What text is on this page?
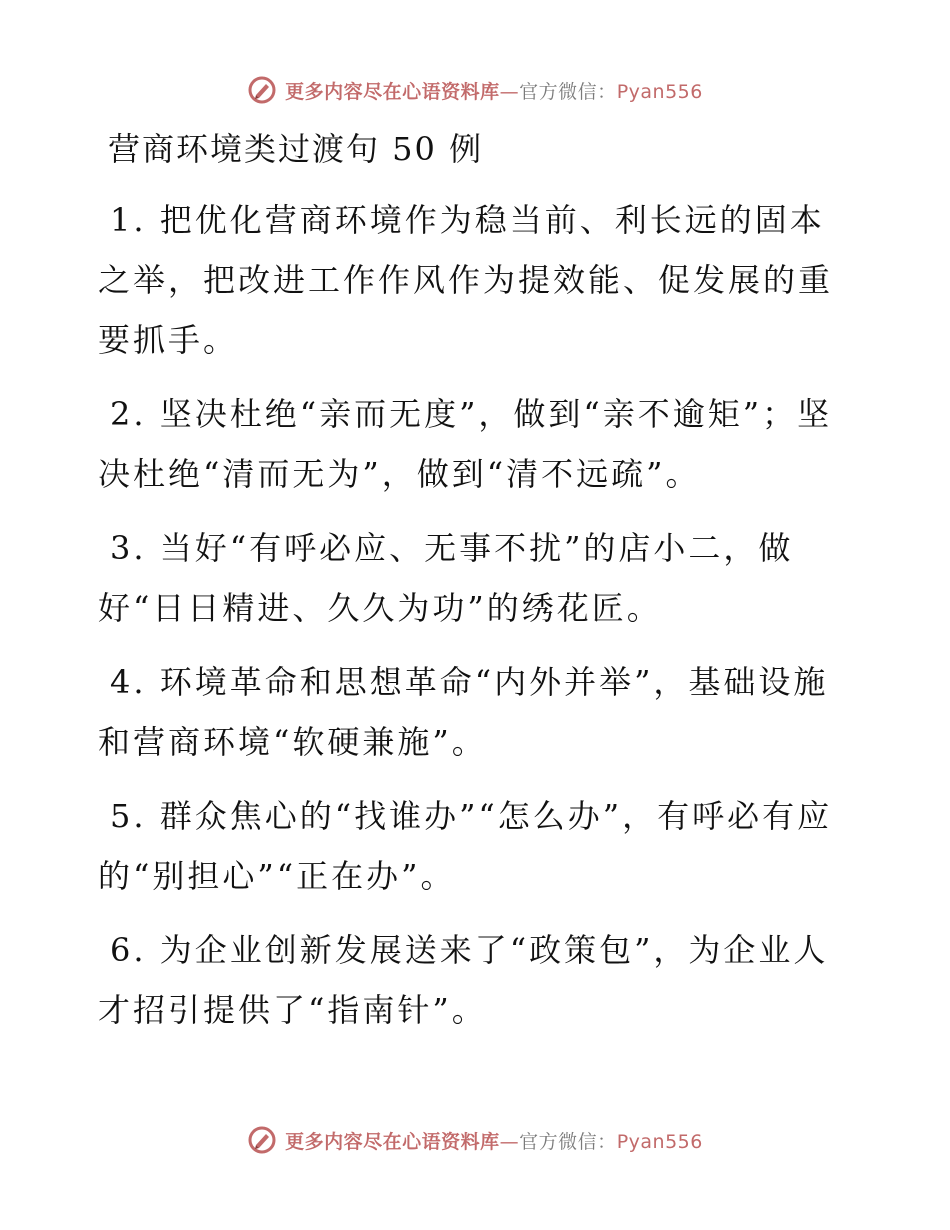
更多内容尽在心语资料库—官方微信：Pyan556
营商环境类过渡句 50 例
1. 把优化营商环境作为稳当前、利长远的固本之举，把改进工作作风作为提效能、促发展的重要抓手。
2. 坚决杜绝“亲而无度”，做到“亲不逾矩”；坚决杜绝“清而无为”，做到“清不远疏”。
3. 当好“有呼必应、无事不扰”的店小二，做好“日日精进、久久为功”的绣花匠。
4. 环境革命和思想革命“内外并举”，基础设施和营商环境“软硬兼施”。
5. 群众焦心的“找谁办”“怎么办”，有呼必有应的“别担心”“正在办”。
6. 为企业创新发展送来了“政策包”，为企业人才招引提供了“指南针”。
更多内容尽在心语资料库—官方微信：Pyan556
